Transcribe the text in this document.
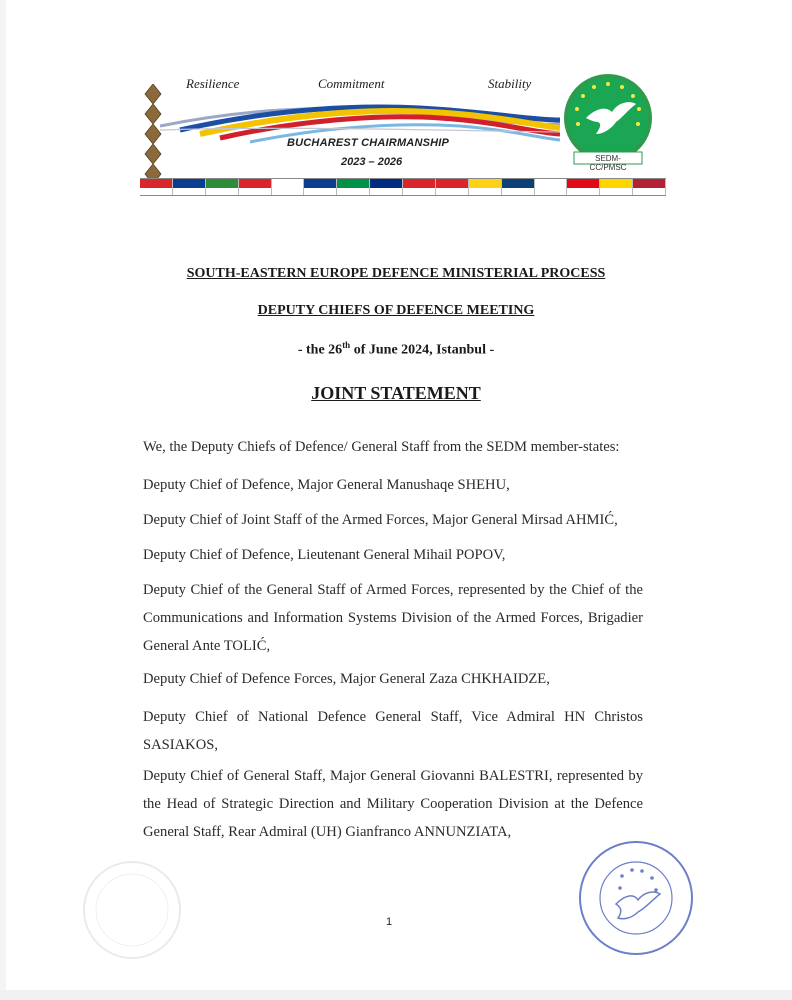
Resilience	Commitment	Stability
BUCHAREST CHAIRMANSHIP
2023 – 2026	SEDM-CC/PMSC
SOUTH-EASTERN EUROPE DEFENCE MINISTERIAL PROCESS
DEPUTY CHIEFS OF DEFENCE MEETING
- the 26th of June 2024, Istanbul -
JOINT STATEMENT
We, the Deputy Chiefs of Defence/ General Staff from the SEDM member-states:
Deputy Chief of Defence, Major General Manushaqe SHEHU,
Deputy Chief of Joint Staff of the Armed Forces, Major General Mirsad AHMIĆ,
Deputy Chief of Defence, Lieutenant General Mihail POPOV,
Deputy Chief of the General Staff of Armed Forces, represented by the Chief of the Communications and Information Systems Division of the Armed Forces, Brigadier General Ante TOLIĆ,
Deputy Chief of Defence Forces, Major General Zaza CHKHAIDZE,
Deputy Chief of National Defence General Staff, Vice Admiral HN Christos SASIAKOS,
Deputy Chief of General Staff, Major General Giovanni BALESTRI, represented by the Head of Strategic Direction and Military Cooperation Division at the Defence General Staff, Rear Admiral (UH) Gianfranco ANNUNZIATA,
1
